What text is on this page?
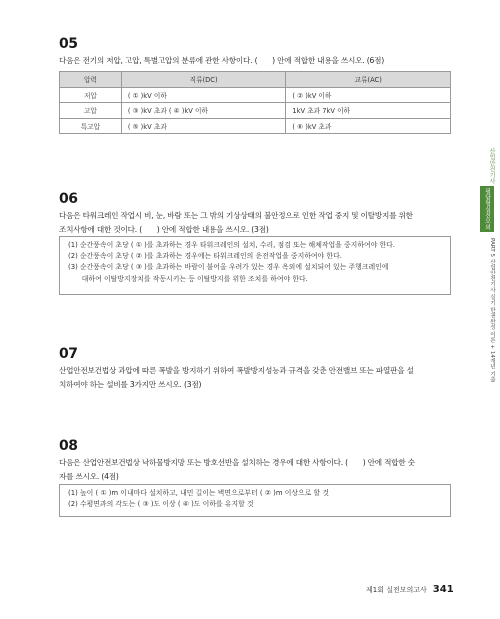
05
다음은 전기의 저압, 고압, 특별고압의 분류에 관한 사항이다. (　　) 안에 적합한 내용을 쓰시오. (6점)
압력	직류(DC)	교류(AC)
저압	( ① )kV 이하	( ② )kV 이하
고압	( ③ )kV 초과 ( ④ )kV 이하	1kV 초과 7kV 이하
특고압	( ⑤ )kV 초과	( ⑥ )kV 초과
06
다음은 타워크레인 작업시 비, 눈, 바람 또는 그 밖의 기상상태의 불안정으로 인한 작업 중지 및 이탈방지를 위한
조치사항에 대한 것이다. (　　) 안에 적합한 내용을 쓰시오. (3점)
(1) 순간풍속이 초당 ( ① )를 초과하는 경우 타워크레인의 설치, 수리, 점검 또는 해체작업을 중지하여야 한다.
(2) 순간풍속이 초당 ( ② )를 초과하는 경우에는 타워크레인의 운전작업을 중지하여야 한다.
(3) 순간풍속이 초당 ( ③ )를 초과하는 바람이 불어올 우려가 있는 경우 옥외에 설치되어 있는 주행크레인에
　　대하여 이탈방지장치를 작동시키는 등 이탈방지를 위한 조치를 하여야 한다.
07
산업안전보건법상 과압에 따른 폭발을 방지하기 위하여 폭발방지성능과 규격을 갖춘 안전밸브 또는 파열판을 설
치하여야 하는 설비를 3가지만 쓰시오. (3점)
08
다음은 산업안전보건법상 낙하물방지망 또는 방호선반을 설치하는 경우에 대한 사항이다. (　　) 안에 적합한 숫
자를 쓰시오. (4점)
(1) 높이 ( ① )m 이내마다 설치하고, 내민 길이는 벽면으로부터 ( ② )m 이상으로 할 것
(2) 수평면과의 각도는 ( ③ )도 이상 ( ④ )도 이하를 유지할 것
산업안전기사
필답형실전모의
PART 5 산업안전기사 실기 한권완성 이론 + 14개년 기출
제1회 실전모의고사 341
